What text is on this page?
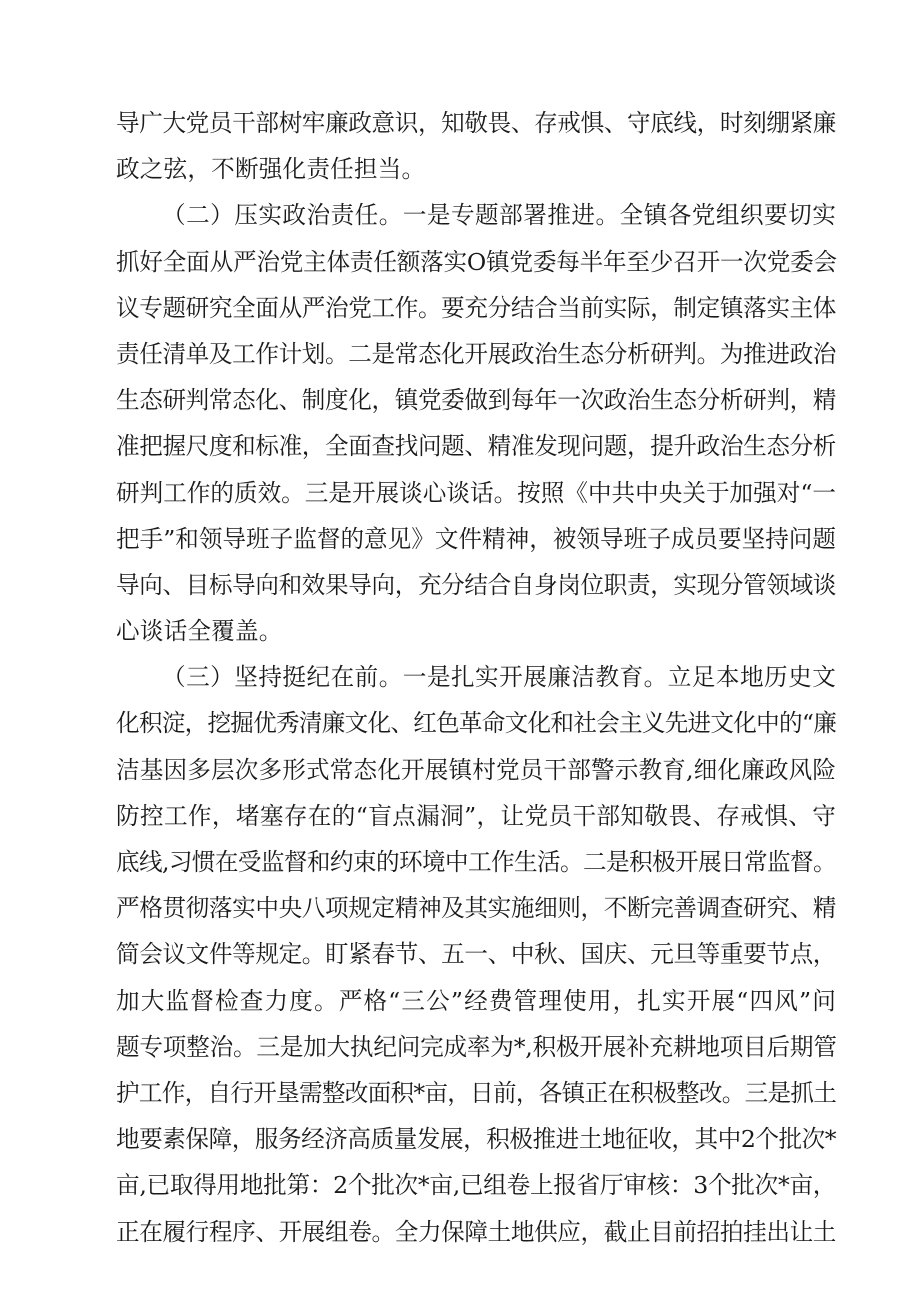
导广大党员干部树牢廉政意识，知敬畏、存戒惧、守底线，时刻绷紧廉
政之弦，不断强化责任担当。
（二）压实政治责任。一是专题部署推进。全镇各党组织要切实
抓好全面从严治党主体责任额落实O镇党委每半年至少召开一次党委会
议专题研究全面从严治党工作。要充分结合当前实际，制定镇落实主体
责任清单及工作计划。二是常态化开展政治生态分析研判。为推进政治
生态研判常态化、制度化，镇党委做到每年一次政治生态分析研判，精
准把握尺度和标准，全面查找问题、精准发现问题，提升政治生态分析
研判工作的质效。三是开展谈心谈话。按照《中共中央关于加强对“一
把手”和领导班子监督的意见》文件精神，被领导班子成员要坚持问题
导向、目标导向和效果导向，充分结合自身岗位职责，实现分管领域谈
心谈话全覆盖。
（三）坚持挺纪在前。一是扎实开展廉洁教育。立足本地历史文
化积淀，挖掘优秀清廉文化、红色革命文化和社会主义先进文化中的“廉
洁基因多层次多形式常态化开展镇村党员干部警示教育,细化廉政风险
防控工作，堵塞存在的“盲点漏洞”，让党员干部知敬畏、存戒惧、守
底线,习惯在受监督和约束的环境中工作生活。二是积极开展日常监督。
严格贯彻落实中央八项规定精神及其实施细则，不断完善调查研究、精
简会议文件等规定。盯紧春节、五一、中秋、国庆、元旦等重要节点，
加大监督检查力度。严格“三公”经费管理使用，扎实开展“四风”问
题专项整治。三是加大执纪问完成率为*,积极开展补充耕地项目后期管
护工作，自行开垦需整改面积*亩，日前，各镇正在积极整改。三是抓土
地要素保障，服务经济高质量发展，积极推进土地征收，其中2个批次*
亩,已取得用地批第：2个批次*亩,已组卷上报省厅审核：3个批次*亩，
正在履行程序、开展组卷。全力保障土地供应，截止目前招拍挂出让土
